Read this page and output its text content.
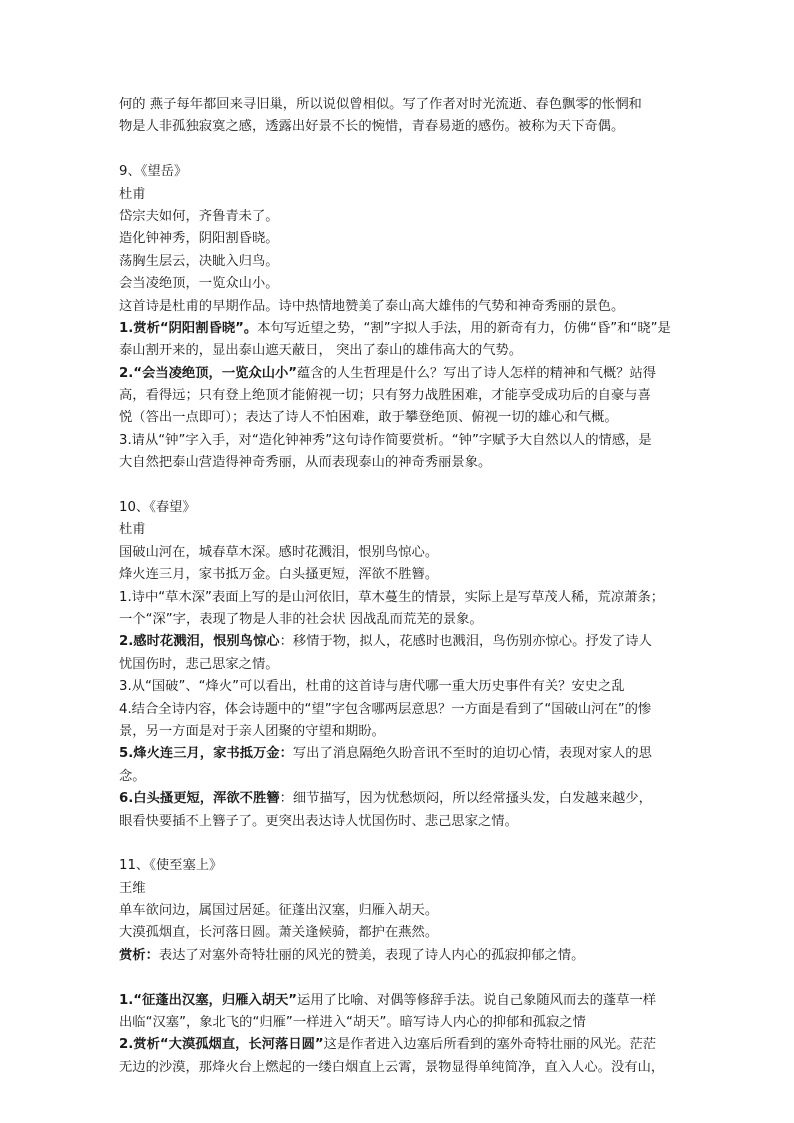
何的 燕子每年都回来寻旧巢，所以说似曾相似。写了作者对时光流逝、春色飘零的怅惘和
物是人非孤独寂寞之感，透露出好景不长的惋惜，青春易逝的感伤。被称为天下奇偶。
9、《望岳》
杜甫
岱宗夫如何，齐鲁青未了。
造化钟神秀，阴阳割昏晓。
荡胸生层云，决眦入归鸟。
会当凌绝顶，一览众山小。
这首诗是杜甫的早期作品。诗中热情地赞美了泰山高大雄伟的气势和神奇秀丽的景色。
1.赏析“阴阳割昏晓”。本句写近望之势，“割”字拟人手法，用的新奇有力，仿佛“昏”和“晓”是
泰山割开来的，显出泰山遮天蔽日， 突出了泰山的雄伟高大的气势。
2.“会当凌绝顶，一览众山小”蕴含的人生哲理是什么？写出了诗人怎样的精神和气概？站得
高，看得远；只有登上绝顶才能俯视一切；只有努力战胜困难，才能享受成功后的自豪与喜
悦（答出一点即可）；表达了诗人不怕困难，敢于攀登绝顶、俯视一切的雄心和气概。
3.请从“钟”字入手，对“造化钟神秀”这句诗作简要赏析。“钟”字赋予大自然以人的情感，是
大自然把泰山营造得神奇秀丽，从而表现泰山的神奇秀丽景象。
10、《春望》
杜甫
国破山河在，城春草木深。感时花溅泪，恨别鸟惊心。
烽火连三月，家书抵万金。白头搔更短，浑欲不胜簪。
1.诗中“草木深”表面上写的是山河依旧，草木蔓生的情景，实际上是写草茂人稀，荒凉萧条；
一个“深”字，表现了物是人非的社会状 因战乱而荒芜的景象。
2.感时花溅泪，恨别鸟惊心：移情于物，拟人，花感时也溅泪，鸟伤别亦惊心。抒发了诗人
忧国伤时，悲己思家之情。
3.从“国破”、“烽火”可以看出，杜甫的这首诗与唐代哪一重大历史事件有关？安史之乱
4.结合全诗内容，体会诗题中的“望”字包含哪两层意思？一方面是看到了“国破山河在”的惨
景，另一方面是对于亲人团聚的守望和期盼。
5.烽火连三月，家书抵万金：写出了消息隔绝久盼音讯不至时的迫切心情，表现对家人的思
念。
6.白头搔更短，浑欲不胜簪：细节描写，因为忧愁烦闷，所以经常搔头发，白发越来越少，
眼看快要插不上簪子了。更突出表达诗人忧国伤时、悲己思家之情。
11、《使至塞上》
王维
单车欲问边，属国过居延。征蓬出汉塞，归雁入胡天。
大漠孤烟直，长河落日圆。萧关逢候骑，都护在燕然。
赏析：表达了对塞外奇特壮丽的风光的赞美，表现了诗人内心的孤寂抑郁之情。
1.“征蓬出汉塞，归雁入胡天”运用了比喻、对偶等修辞手法。说自己象随风而去的蓬草一样
出临“汉塞”，象北飞的“归雁”一样进入“胡天”。暗写诗人内心的抑郁和孤寂之情
2.赏析“大漠孤烟直，长河落日圆”这是作者进入边塞后所看到的塞外奇特壮丽的风光。茫茫
无边的沙漠，那烽火台上燃起的一缕白烟直上云霄，景物显得单纯简净，直入人心。没有山，
